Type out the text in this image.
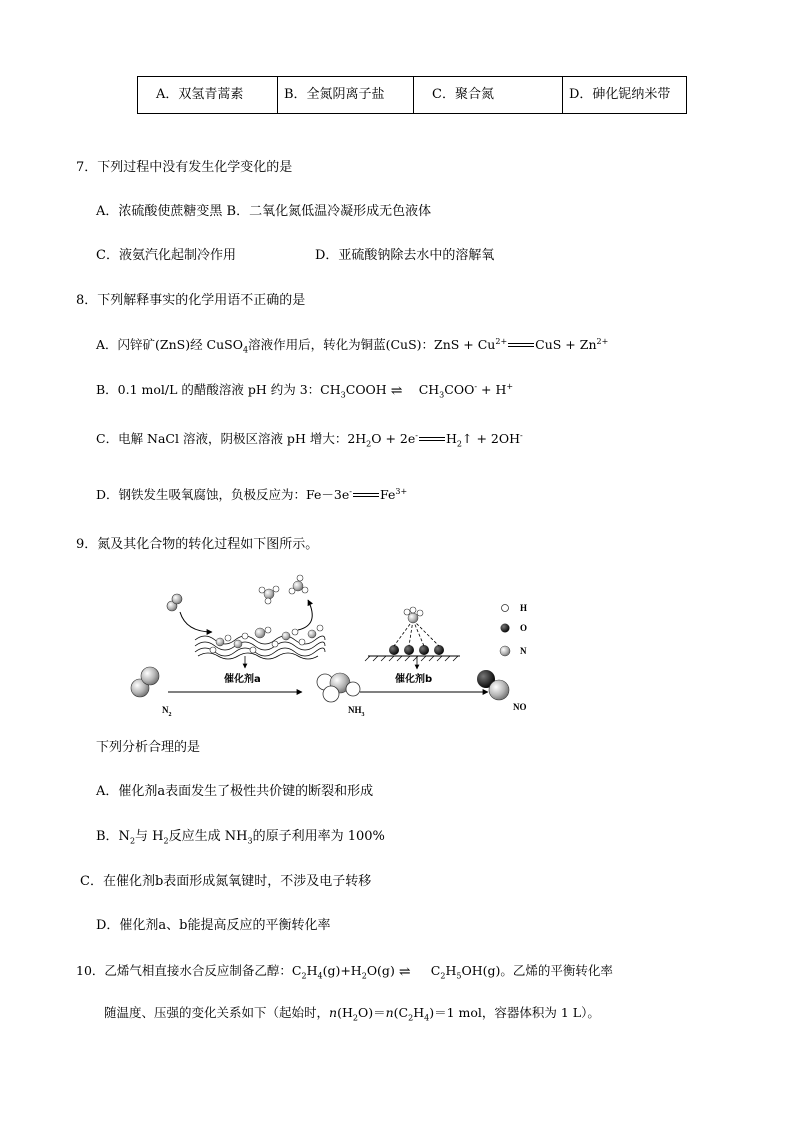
A．双氢青蒿素	B．全氮阴离子盐	C．聚合氮	D．砷化铌纳米带
7．下列过程中没有发生化学变化的是
A．浓硫酸使蔗糖变黑 B．二氧化氮低温冷凝形成无色液体
C．液氨汽化起制冷作用	D．亚硫酸钠除去水中的溶解氧
8．下列解释事实的化学用语不正确的是
A．闪锌矿(ZnS)经 CuSO$_4$溶液作用后，转化为铜蓝(CuS)：ZnS + $Cu^{2+}$ CuS + $Zn^{2+}$
B．0.1 mol/L 的醋酸溶液 pH 约为 3：$CH_3COOH$ ⇌ $CH_3COO^- + H^+$
C．电解 NaCl 溶液，阴极区溶液 pH 增大：$2H_2O + 2e^-$ $H_2↑ + 2OH^-$
D．钢铁发生吸氧腐蚀，负极反应为：Fe－3e- $Fe^{3+}$
9．氮及其化合物的转化过程如下图所示。
$N_2$
催化剂a
$NH_3$
催化剂b
NO
H
O
N
下列分析合理的是
A．催化剂a表面发生了极性共价键的断裂和形成
B．$N_2$与 $H_2$反应生成 $NH_3$的原子利用率为 100%
C．在催化剂b表面形成氮氧键时，不涉及电子转移
D．催化剂a、b能提高反应的平衡转化率
10．乙烯气相直接水合反应制备乙醇：$C_2H_4(g)+H_2O(g)$ ⇌ $C_2H_5OH(g)$。乙烯的平衡转化率
随温度、压强的变化关系如下（起始时，$n(H_2O)=n(C_2H_4)=1$ mol，容器体积为 1 L）。
